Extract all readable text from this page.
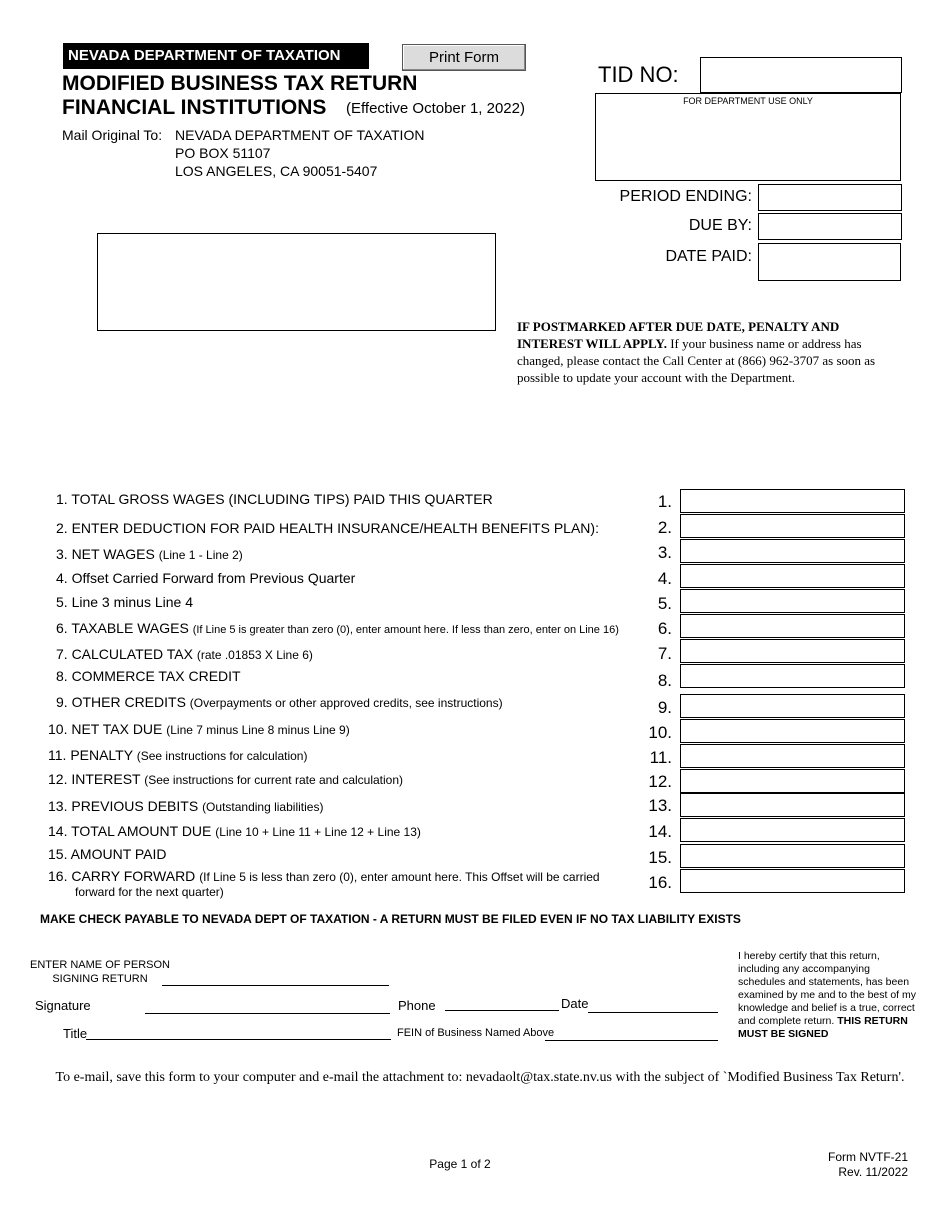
NEVADA DEPARTMENT OF TAXATION	Print Form
MODIFIED BUSINESS TAX RETURN
FINANCIAL INSTITUTIONS (Effective October 1, 2022)
Mail Original To: NEVADA DEPARTMENT OF TAXATION
PO BOX 51107
LOS ANGELES, CA 90051-5407
TID NO:
FOR DEPARTMENT USE ONLY
PERIOD ENDING:
DUE BY:
DATE PAID:
IF POSTMARKED AFTER DUE DATE, PENALTY AND INTEREST WILL APPLY. If your business name or address has changed, please contact the Call Center at (866) 962-3707 as soon as possible to update your account with the Department.
1. TOTAL GROSS WAGES (INCLUDING TIPS) PAID THIS QUARTER
2. ENTER DEDUCTION FOR PAID HEALTH INSURANCE/HEALTH BENEFITS PLAN):
3. NET WAGES (Line 1 - Line 2)
4. Offset Carried Forward from Previous Quarter
5. Line 3 minus Line 4
6. TAXABLE WAGES (If Line 5 is greater than zero (0), enter amount here. If less than zero, enter on Line 16)
7. CALCULATED TAX (rate .01853 X Line 6)
8. COMMERCE TAX CREDIT
9. OTHER CREDITS (Overpayments or other approved credits, see instructions)
10. NET TAX DUE (Line 7 minus Line 8 minus Line 9)
11. PENALTY (See instructions for calculation)
12. INTEREST (See instructions for current rate and calculation)
13. PREVIOUS DEBITS (Outstanding liabilities)
14. TOTAL AMOUNT DUE (Line 10 + Line 11 + Line 12 + Line 13)
15. AMOUNT PAID
16. CARRY FORWARD (If Line 5 is less than zero (0), enter amount here. This Offset will be carried
forward for the next quarter)
1.
2.
3.
4.
5.
6.
7.
8.
9.
10.
11.
12.
13.
14.
15.
16.
MAKE CHECK PAYABLE TO NEVADA DEPT OF TAXATION - A RETURN MUST BE FILED EVEN IF NO TAX LIABILITY EXISTS
ENTER NAME OF PERSON
SIGNING RETURN
Signature	Phone	Date
Title	FEIN of Business Named Above
I hereby certify that this return, including any accompanying schedules and statements, has been examined by me and to the best of my knowledge and belief is a true, correct and complete return. THIS RETURN MUST BE SIGNED
To e-mail, save this form to your computer and e-mail the attachment to: nevadaolt@tax.state.nv.us with the subject of `Modified Business Tax Return'.
Page 1 of 2	Form NVTF-21
Rev. 11/2022
